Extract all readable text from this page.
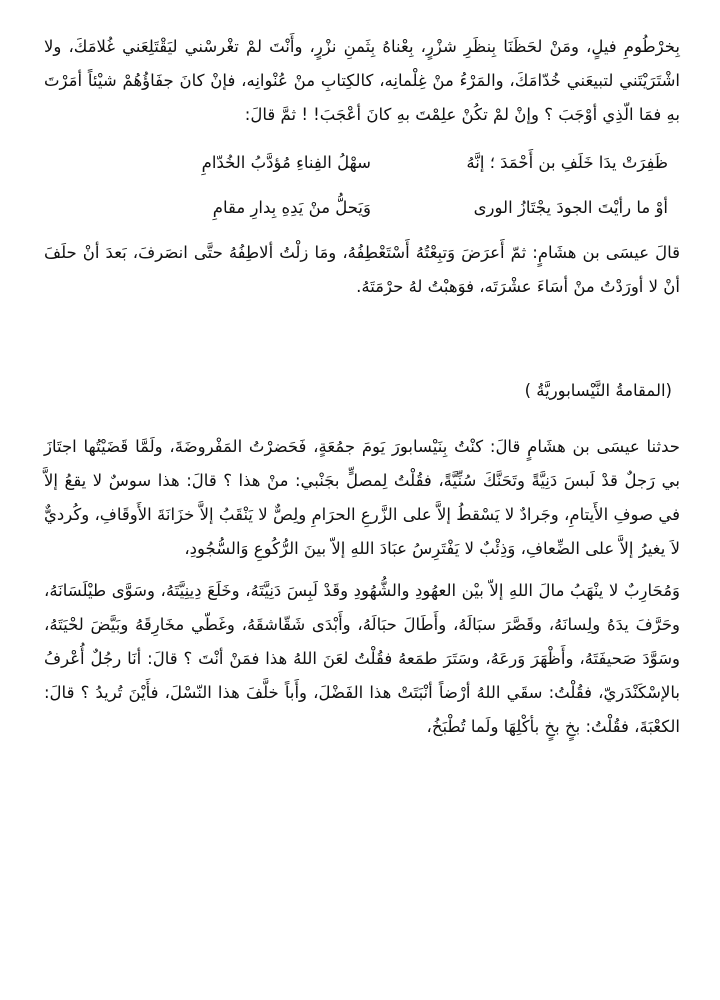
بِخرْطُومِ فيلٍ، ومَنْ لحَظَنَا بِنظَرِ شزْرٍ، بِعْناهُ بِثَمنِ نزْرٍ، وأَنْتَ لمْ تغْرسْني ليَقْتَلِعَني غُلامَكَ، ولا اشْتَرَيْتَني لتبيعَني خُدّامَكَ، والمَرْءُ منْ غِلْمانِه، كالكِتابِ منْ عُنْوانِه، فإنْ كانَ جفَاؤُهُمْ شيْئاً أمَرْتَ بهِ فمَا الّذِي أوْجَبَ ؟ وإنْ لمْ تكُنْ علِمْتَ بهِ كانَ أعْجَبَ! ! ثمَّ قالَ:

ظَفِرَتْ يدَا خَلَفِ بن أَحْمَدَ ؛ إنَّهُ
سهْلُ الفِناءِ مُؤدَّبُ الخُدّامِ
أوْ ما رأيْتَ الجودَ يجْتَازُ الورى
وَيَحلُّ منْ يَدِهِ بِدارِ مقامِ

قالَ عيسَى بن هشَامٍ: ثمّ أَعرَضَ وَتبِعْتُهُ أَسْتَعْطِفُهُ، ومَا زلْتُ ألاطِفُهُ حتَّى انصَرفَ، بَعدَ أنْ حلَفَ أنْ لا أورَدْتُ منْ أسَاءَ عشْرَتَه، فوَهبْتُ لهُ حرْمَتَهُ.

(المقامةُ النَّيْسابوريَّةُ )

حدثنا عيسَى بن هشَامٍ قالَ: كنْتُ بِنَيْسابورَ يَومَ جمُعَةٍ، فَحَضرْتُ المَفْروضَةَ، ولَمَّا قَضَيْتُها اجتَازَ بي رَجلٌ قدْ لَبسَ دَنِيَّةً وتَحَنَّكَ سُنِّيَّةً، فقُلْتُ لِمصلٍّ بجَنْبي: منْ هذا ؟ قالَ: هذا سوسٌ لا يقعُ إلاَّ في صوفِ الأَيتامِ، وجَرادٌ لا يَسْقطُ إلاَّ على الزَّرعِ الحرَامِ ولِصٌّ لا يَنْقَبُ إلاَّ خزَانَةَ الأَوقَافِ، وكُرديٌّ لاَ يغيرُ إلاَّ على الضِّعافِ، وَذِئْبٌ لا يَفْتَرِسُ عبَادَ اللهِ إلاّ بينَ الرُّكُوعِ وَالسُّجُودِ،

وَمُحَارِبٌ لا ينْهَبُ مالَ اللهِ إلاّ بيْن العهُودِ والشُّهُودِ وقَدْ لَبِسَ دَنِيَّتَهُ، وخَلَعَ دِينِيَّتَهُ، وسَوَّى طيْلَسَانَهُ، وحَرَّفَ يدَهُ ولِسانَهُ، وقَصَّرَ سبَالَهُ، وأَطَالَ حبَالَهُ، وأَبْدَى شَقّاشقَهُ، وغَطّي مخَارِقَهُ وبَيَّضَ لحْيَتَهُ، وسَوَّدَ صَحيفَتَهُ، وأَظْهَرَ وَرعَهُ، وسَتَرَ طمَعهُ فقُلْتُ لعَنَ اللهُ هذا فمَنْ أنْتَ ؟ قالَ: أنَا رجُلٌ أُعْرفُ بالإسْكَنْدَريّ، فقُلْتُ: سقَي اللهُ أرْضاً أنْبَتَتْ هذا الفَضْلَ، وأَباً خلَّفَ هذا النّسْلَ، فأَيْنَ تُريدُ ؟ قالَ: الكعْبَةَ، فقُلْتُ: بخٍ بخٍ بأكْلِهَا ولَما تُطْبَخُ،
